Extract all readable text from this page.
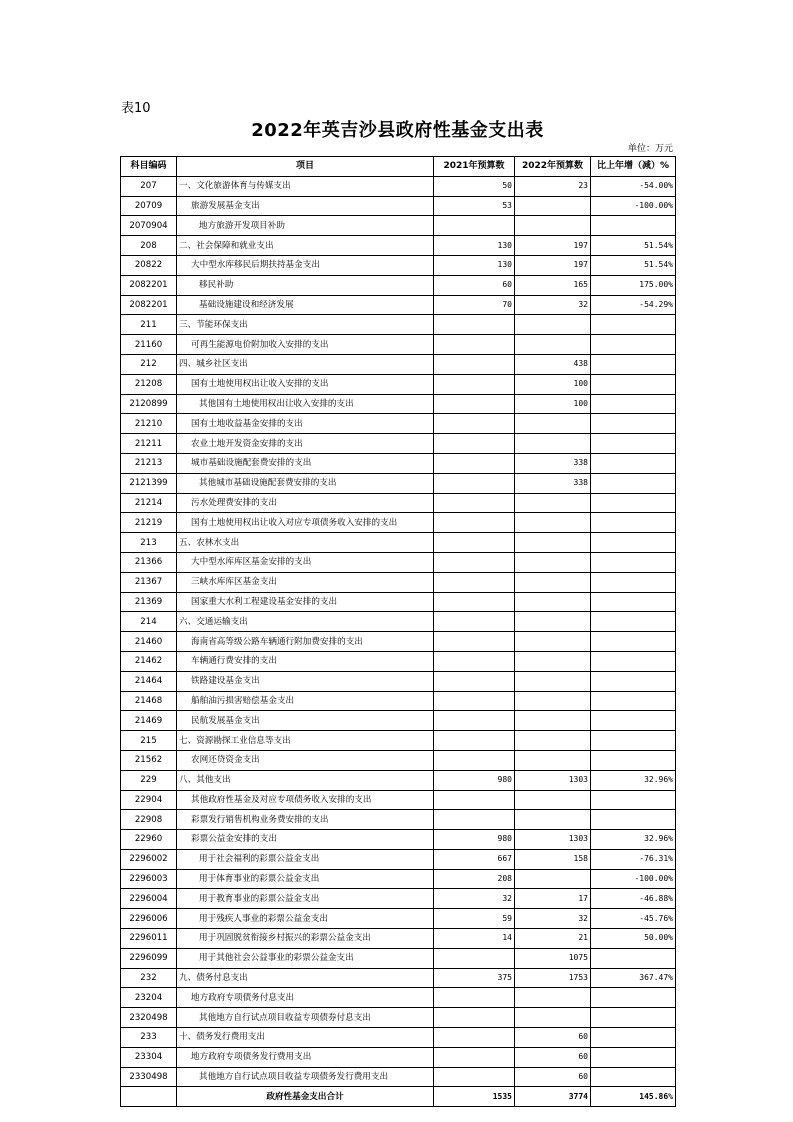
表10
2022年英吉沙县政府性基金支出表
单位：万元
科目编码	项目	2021年预算数	2022年预算数	比上年增（减）%
207	一、文化旅游体育与传媒支出	50	23	-54.00%
20709	旅游发展基金支出	53		-100.00%
2070904	地方旅游开发项目补助			
208	二、社会保障和就业支出	130	197	51.54%
20822	大中型水库移民后期扶持基金支出	130	197	51.54%
2082201	移民补助	60	165	175.00%
2082201	基础设施建设和经济发展	70	32	-54.29%
211	三、节能环保支出			
21160	可再生能源电价附加收入安排的支出			
212	四、城乡社区支出		438	
21208	国有土地使用权出让收入安排的支出		100	
2120899	其他国有土地使用权出让收入安排的支出		100	
21210	国有土地收益基金安排的支出			
21211	农业土地开发资金安排的支出			
21213	城市基础设施配套费安排的支出		338	
2121399	其他城市基础设施配套费安排的支出		338	
21214	污水处理费安排的支出			
21219	国有土地使用权出让收入对应专项债务收入安排的支出			
213	五、农林水支出			
21366	大中型水库库区基金安排的支出			
21367	三峡水库库区基金支出			
21369	国家重大水利工程建设基金安排的支出			
214	六、交通运输支出			
21460	海南省高等级公路车辆通行附加费安排的支出			
21462	车辆通行费安排的支出			
21464	铁路建设基金支出			
21468	船舶油污损害赔偿基金支出			
21469	民航发展基金支出			
215	七、资源勘探工业信息等支出			
21562	农网还贷资金支出			
229	八、其他支出	980	1303	32.96%
22904	其他政府性基金及对应专项债务收入安排的支出			
22908	彩票发行销售机构业务费安排的支出			
22960	彩票公益金安排的支出	980	1303	32.96%
2296002	用于社会福利的彩票公益金支出	667	158	-76.31%
2296003	用于体育事业的彩票公益金支出	208		-100.00%
2296004	用于教育事业的彩票公益金支出	32	17	-46.88%
2296006	用于残疾人事业的彩票公益金支出	59	32	-45.76%
2296011	用于巩固脱贫衔接乡村振兴的彩票公益金支出	14	21	50.00%
2296099	用于其他社会公益事业的彩票公益金支出		1075	
232	九、债务付息支出	375	1753	367.47%
23204	地方政府专项债务付息支出			
2320498	其他地方自行试点项目收益专项债券付息支出			
233	十、债务发行费用支出		60	
23304	地方政府专项债务发行费用支出		60	
2330498	其他地方自行试点项目收益专项债务发行费用支出		60	
	政府性基金支出合计	1535	3774	145.86%
